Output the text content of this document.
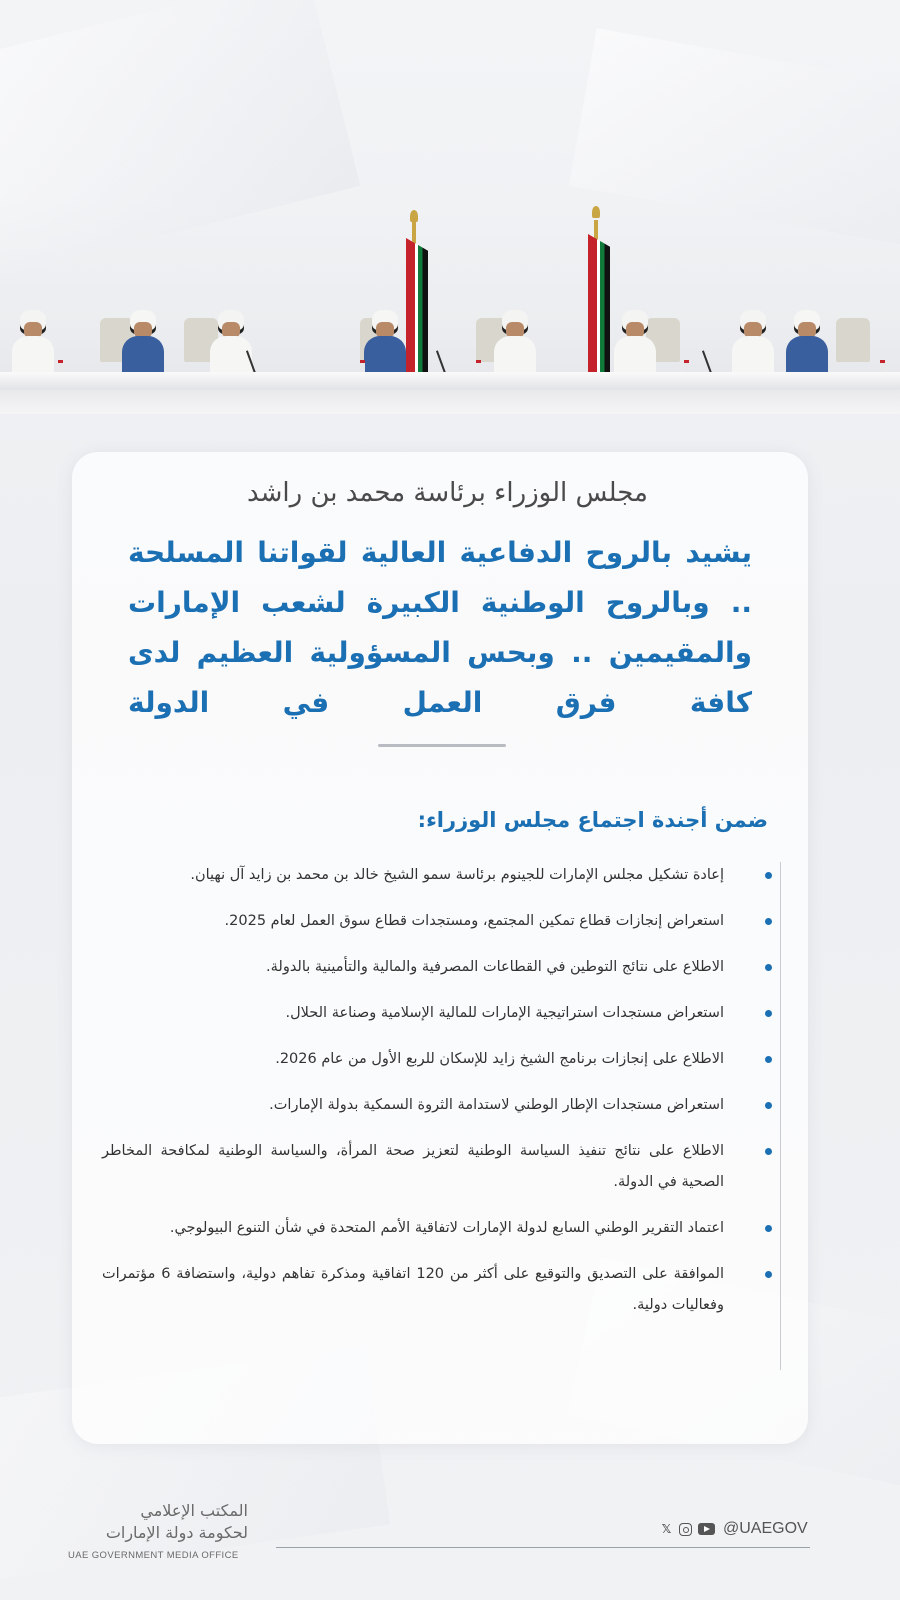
مجلس الوزراء برئاسة محمد بن راشد

يشيد بالروح الدفاعية العالية لقواتنا المسلحة .. وبالروح الوطنية الكبيرة لشعب الإمارات والمقيمين .. وبحس المسؤولية العظيم لدى كافة فرق العمل في الدولة
ضمن أجندة اجتماع مجلس الوزراء:
إعادة تشكيل مجلس الإمارات للجينوم برئاسة سمو الشيخ خالد بن محمد بن زايد آل نهيان.
استعراض إنجازات قطاع تمكين المجتمع، ومستجدات قطاع سوق العمل لعام 2025.
الاطلاع على نتائج التوطين في القطاعات المصرفية والمالية والتأمينية بالدولة.
استعراض مستجدات استراتيجية الإمارات للمالية الإسلامية وصناعة الحلال.
الاطلاع على إنجازات برنامج الشيخ زايد للإسكان للربع الأول من عام 2026.
استعراض مستجدات الإطار الوطني لاستدامة الثروة السمكية بدولة الإمارات.
الاطلاع على نتائج تنفيذ السياسة الوطنية لتعزيز صحة المرأة، والسياسة الوطنية لمكافحة المخاطر الصحية في الدولة.
اعتماد التقرير الوطني السابع لدولة الإمارات لاتفاقية الأمم المتحدة في شأن التنوع البيولوجي.
الموافقة على التصديق والتوقيع على أكثر من 120 اتفاقية ومذكرة تفاهم دولية، واستضافة 6 مؤتمرات وفعاليات دولية.

المكتب الإعلامي

لحكومة دولة الإمارات

UAE GOVERNMENT MEDIA OFFICE
𝕏	@UAEGOV
